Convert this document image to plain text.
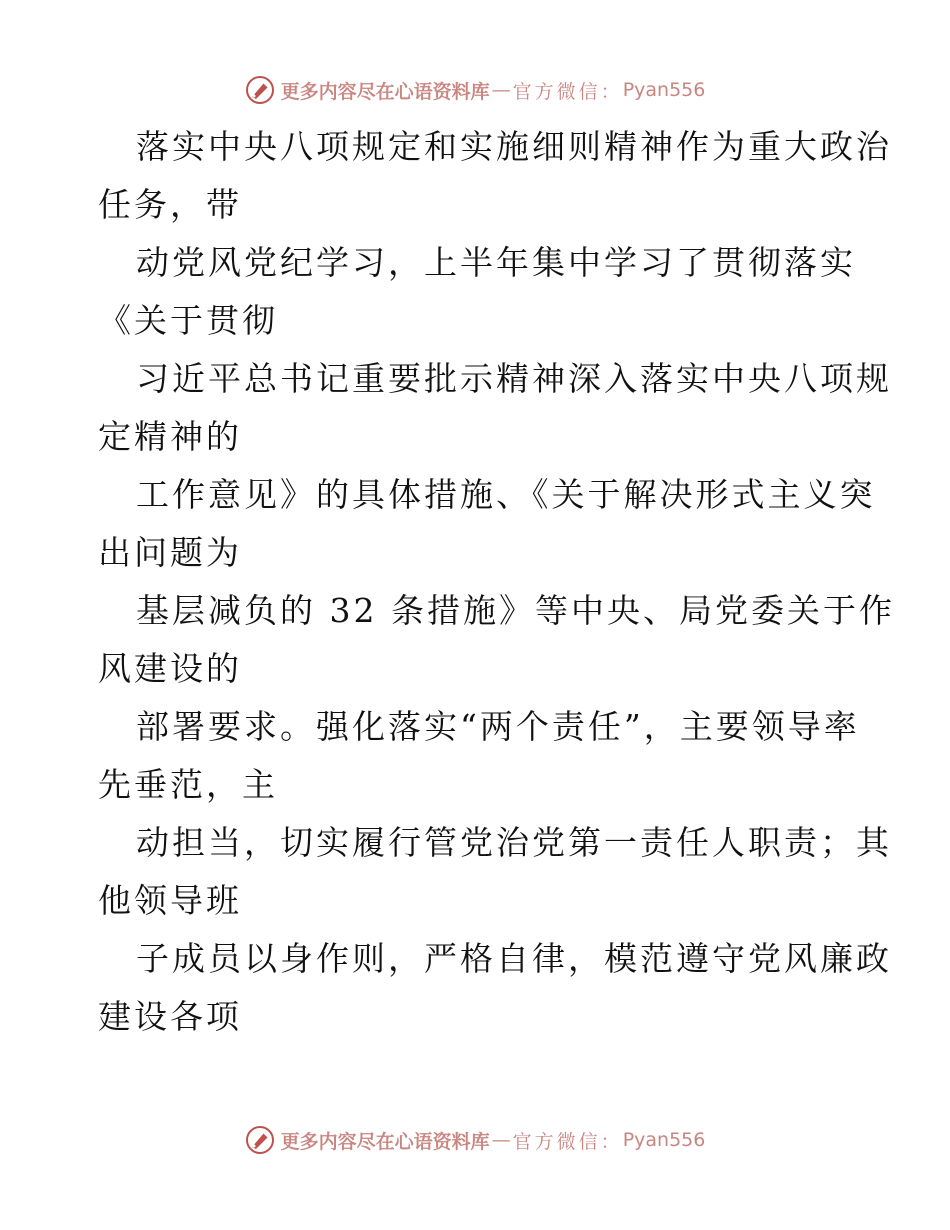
更多内容尽在心语资料库 — 官方微信： Pyan556
落实中央八项规定和实施细则精神作为重大政治
任务，带
动党风党纪学习，上半年集中学习了贯彻落实
《关于贯彻
习近平总书记重要批示精神深入落实中央八项规
定精神的
工作意见》的具体措施、《关于解决形式主义突
出问题为
基层减负的 32 条措施》等中央、局党委关于作
风建设的
部署要求。强化落实“两个责任”，主要领导率
先垂范，主
动担当，切实履行管党治党第一责任人职责；其
他领导班
子成员以身作则，严格自律，模范遵守党风廉政
建设各项
更多内容尽在心语资料库 — 官方微信： Pyan556
